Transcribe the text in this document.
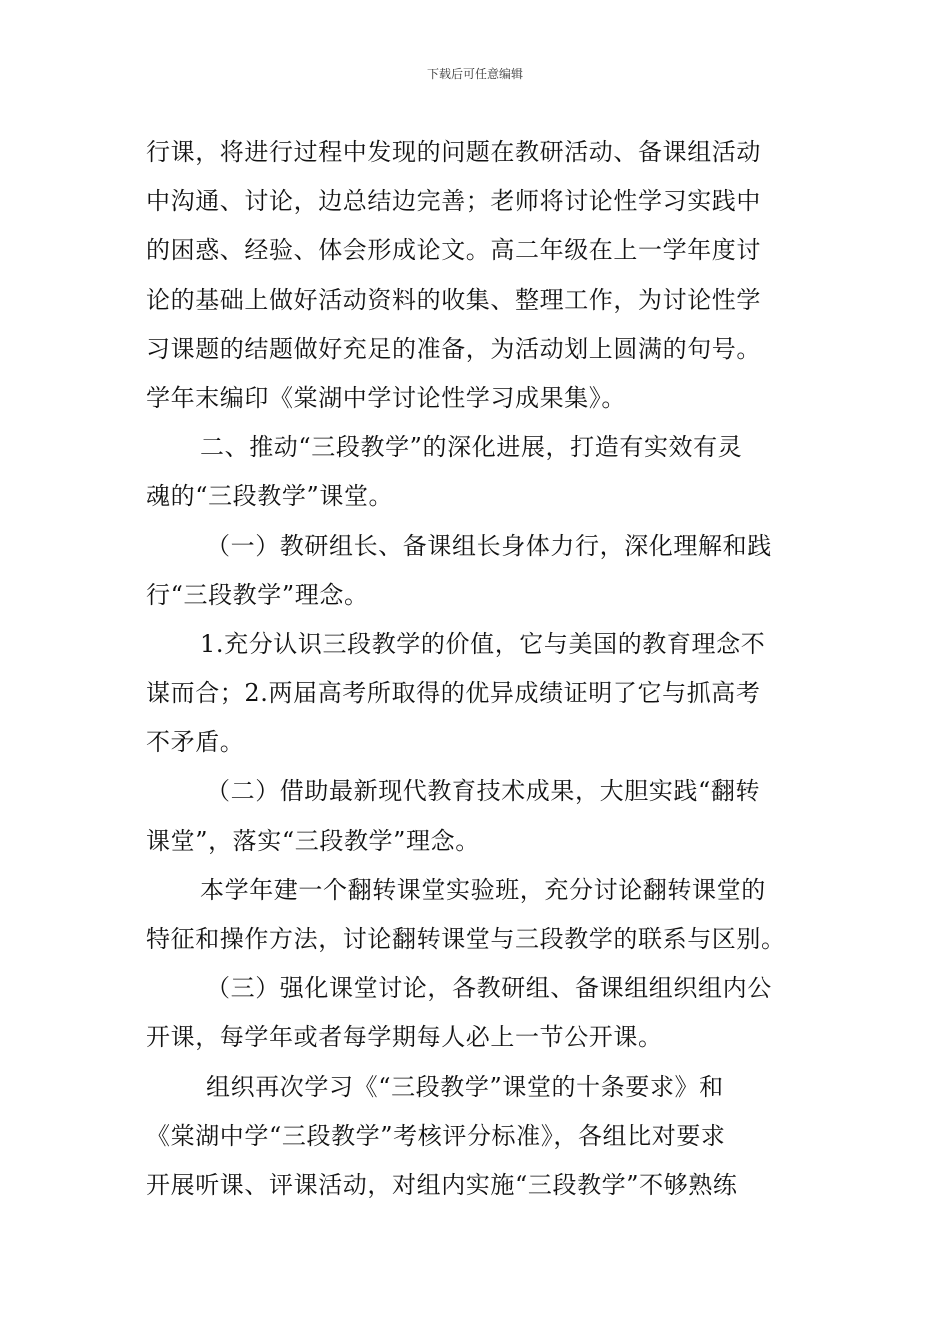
下载后可任意编辑
行课，将进行过程中发现的问题在教研活动、备课组活动
中沟通、讨论，边总结边完善；老师将讨论性学习实践中
的困惑、经验、体会形成论文。高二年级在上一学年度讨
论的基础上做好活动资料的收集、整理工作，为讨论性学
习课题的结题做好充足的准备，为活动划上圆满的句号。
学年末编印《棠湖中学讨论性学习成果集》。
二、推动“三段教学”的深化进展，打造有实效有灵
魂的“三段教学”课堂。
（一）教研组长、备课组长身体力行，深化理解和践
行“三段教学”理念。
1.充分认识三段教学的价值，它与美国的教育理念不
谋而合；2.两届高考所取得的优异成绩证明了它与抓高考
不矛盾。
（二）借助最新现代教育技术成果，大胆实践“翻转
课堂”，落实“三段教学”理念。
本学年建一个翻转课堂实验班，充分讨论翻转课堂的
特征和操作方法，讨论翻转课堂与三段教学的联系与区别。
（三）强化课堂讨论，各教研组、备课组组织组内公
开课，每学年或者每学期每人必上一节公开课。
组织再次学习《“三段教学”课堂的十条要求》和
《棠湖中学“三段教学”考核评分标准》，各组比对要求
开展听课、评课活动，对组内实施“三段教学”不够熟练
